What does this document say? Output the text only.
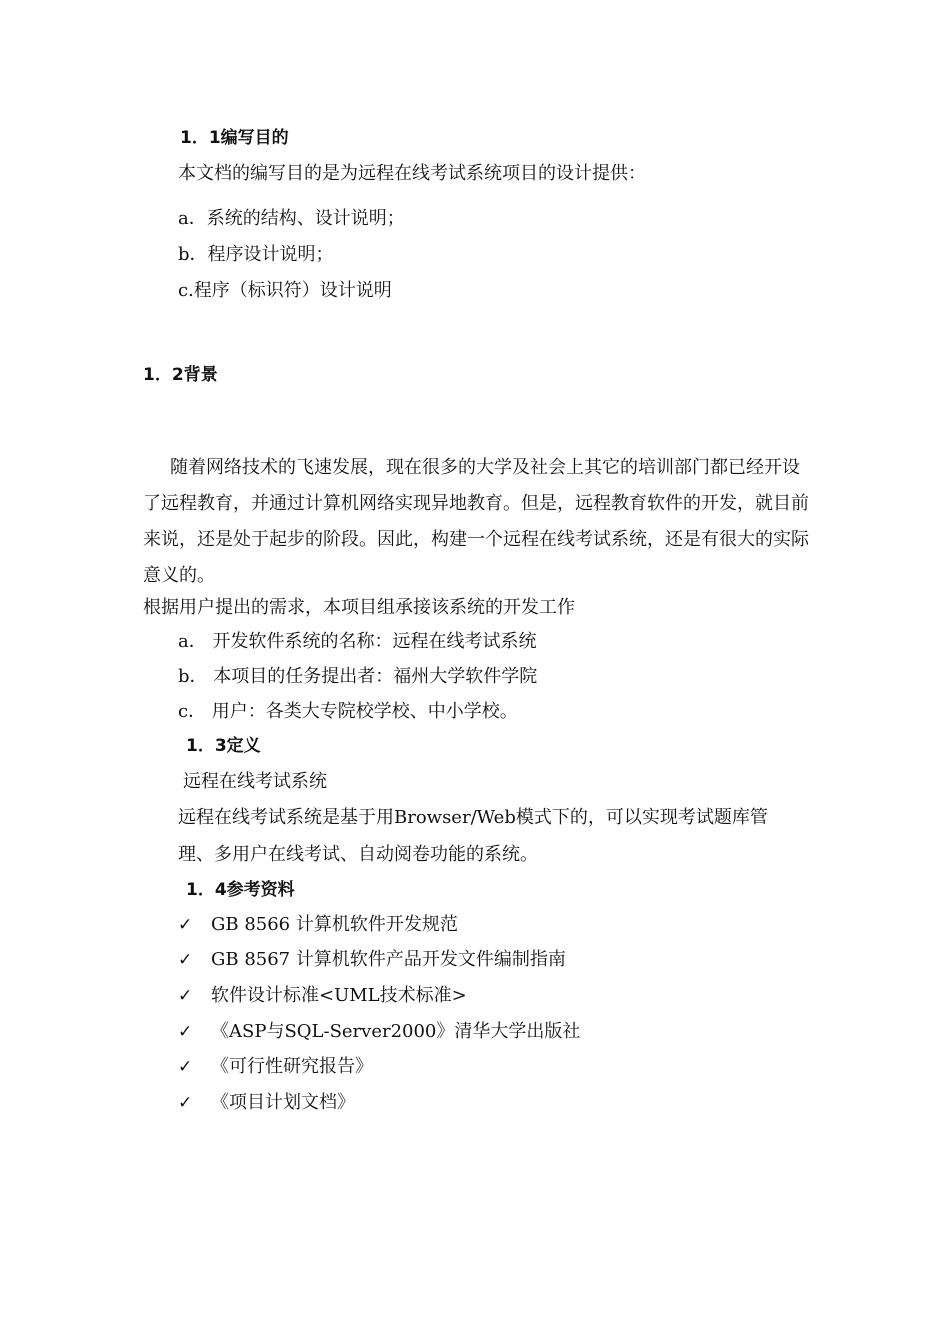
1．1编写目的
本文档的编写目的是为远程在线考试系统项目的设计提供：
a．系统的结构、设计说明；
b．程序设计说明；
c.程序（标识符）设计说明
1．2背景
随着网络技术的飞速发展，现在很多的大学及社会上其它的培训部门都已经开设了远程教育，并通过计算机网络实现异地教育。但是，远程教育软件的开发，就目前来说，还是处于起步的阶段。因此，构建一个远程在线考试系统，还是有很大的实际意义的。
根据用户提出的需求，本项目组承接该系统的开发工作
a． 开发软件系统的名称：远程在线考试系统
b． 本项目的任务提出者：福州大学软件学院
c． 用户：各类大专院校学校、中小学校。
1．3定义
远程在线考试系统
远程在线考试系统是基于用Browser/Web模式下的，可以实现考试题库管
理、多用户在线考试、自动阅卷功能的系统。
1．4参考资料
✓ GB 8566 计算机软件开发规范
✓ GB 8567 计算机软件产品开发文件编制指南
✓ 软件设计标准<UML技术标准>
✓ 《ASP与SQL-Server2000》清华大学出版社
✓ 《可行性研究报告》
✓ 《项目计划文档》
